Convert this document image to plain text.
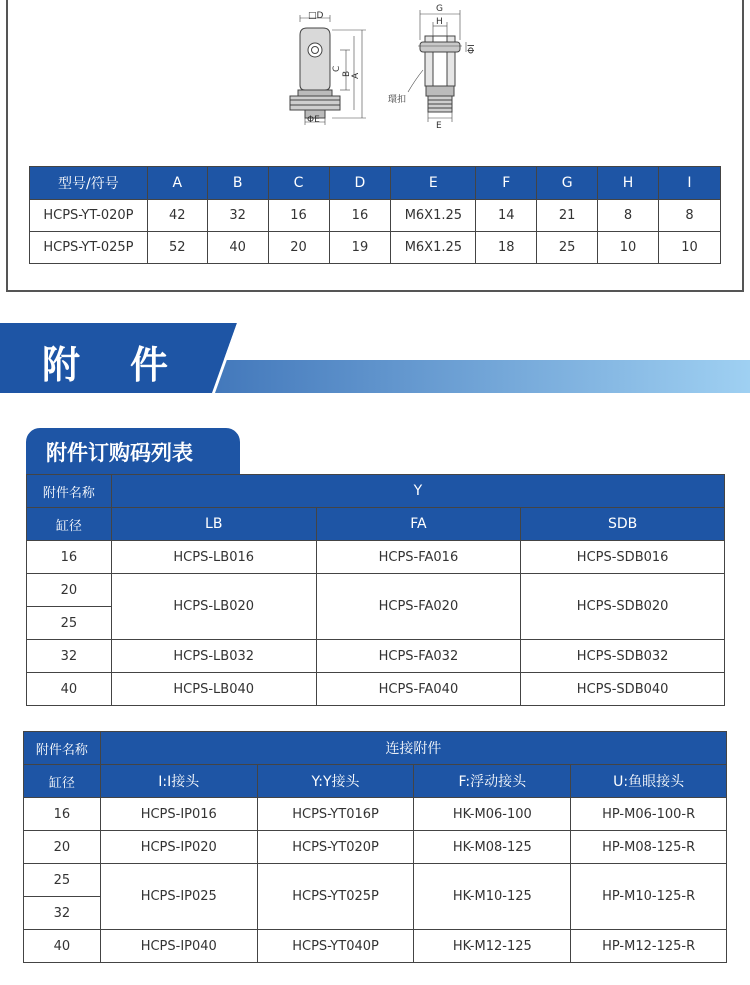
□D
C
B A
ΦE
G
H
ΦI
環扣
E
型号/符号	A	B	C	D	E	F	G	H	I
HCPS-YT-020P	42	32	16	16	M6X1.25	14	21	8	8
HCPS-YT-025P	52	40	20	19	M6X1.25	18	25	10	10
附件
附件订购码列表
附件名称	Y		
缸径	LB	FA	SDB
16	HCPS-LB016	HCPS-FA016	HCPS-SDB016
20	HCPS-LB020	HCPS-FA020	HCPS-SDB020
25			
32	HCPS-LB032	HCPS-FA032	HCPS-SDB032
40	HCPS-LB040	HCPS-FA040	HCPS-SDB040
附件名称	连接附件			
缸径	I:I接头	Y:Y接头	F:浮动接头	U:鱼眼接头
16	HCPS-IP016	HCPS-YT016P	HK-M06-100	HP-M06-100-R
20	HCPS-IP020	HCPS-YT020P	HK-M08-125	HP-M08-125-R
25	HCPS-IP025	HCPS-YT025P	HK-M10-125	HP-M10-125-R
32				
40	HCPS-IP040	HCPS-YT040P	HK-M12-125	HP-M12-125-R
